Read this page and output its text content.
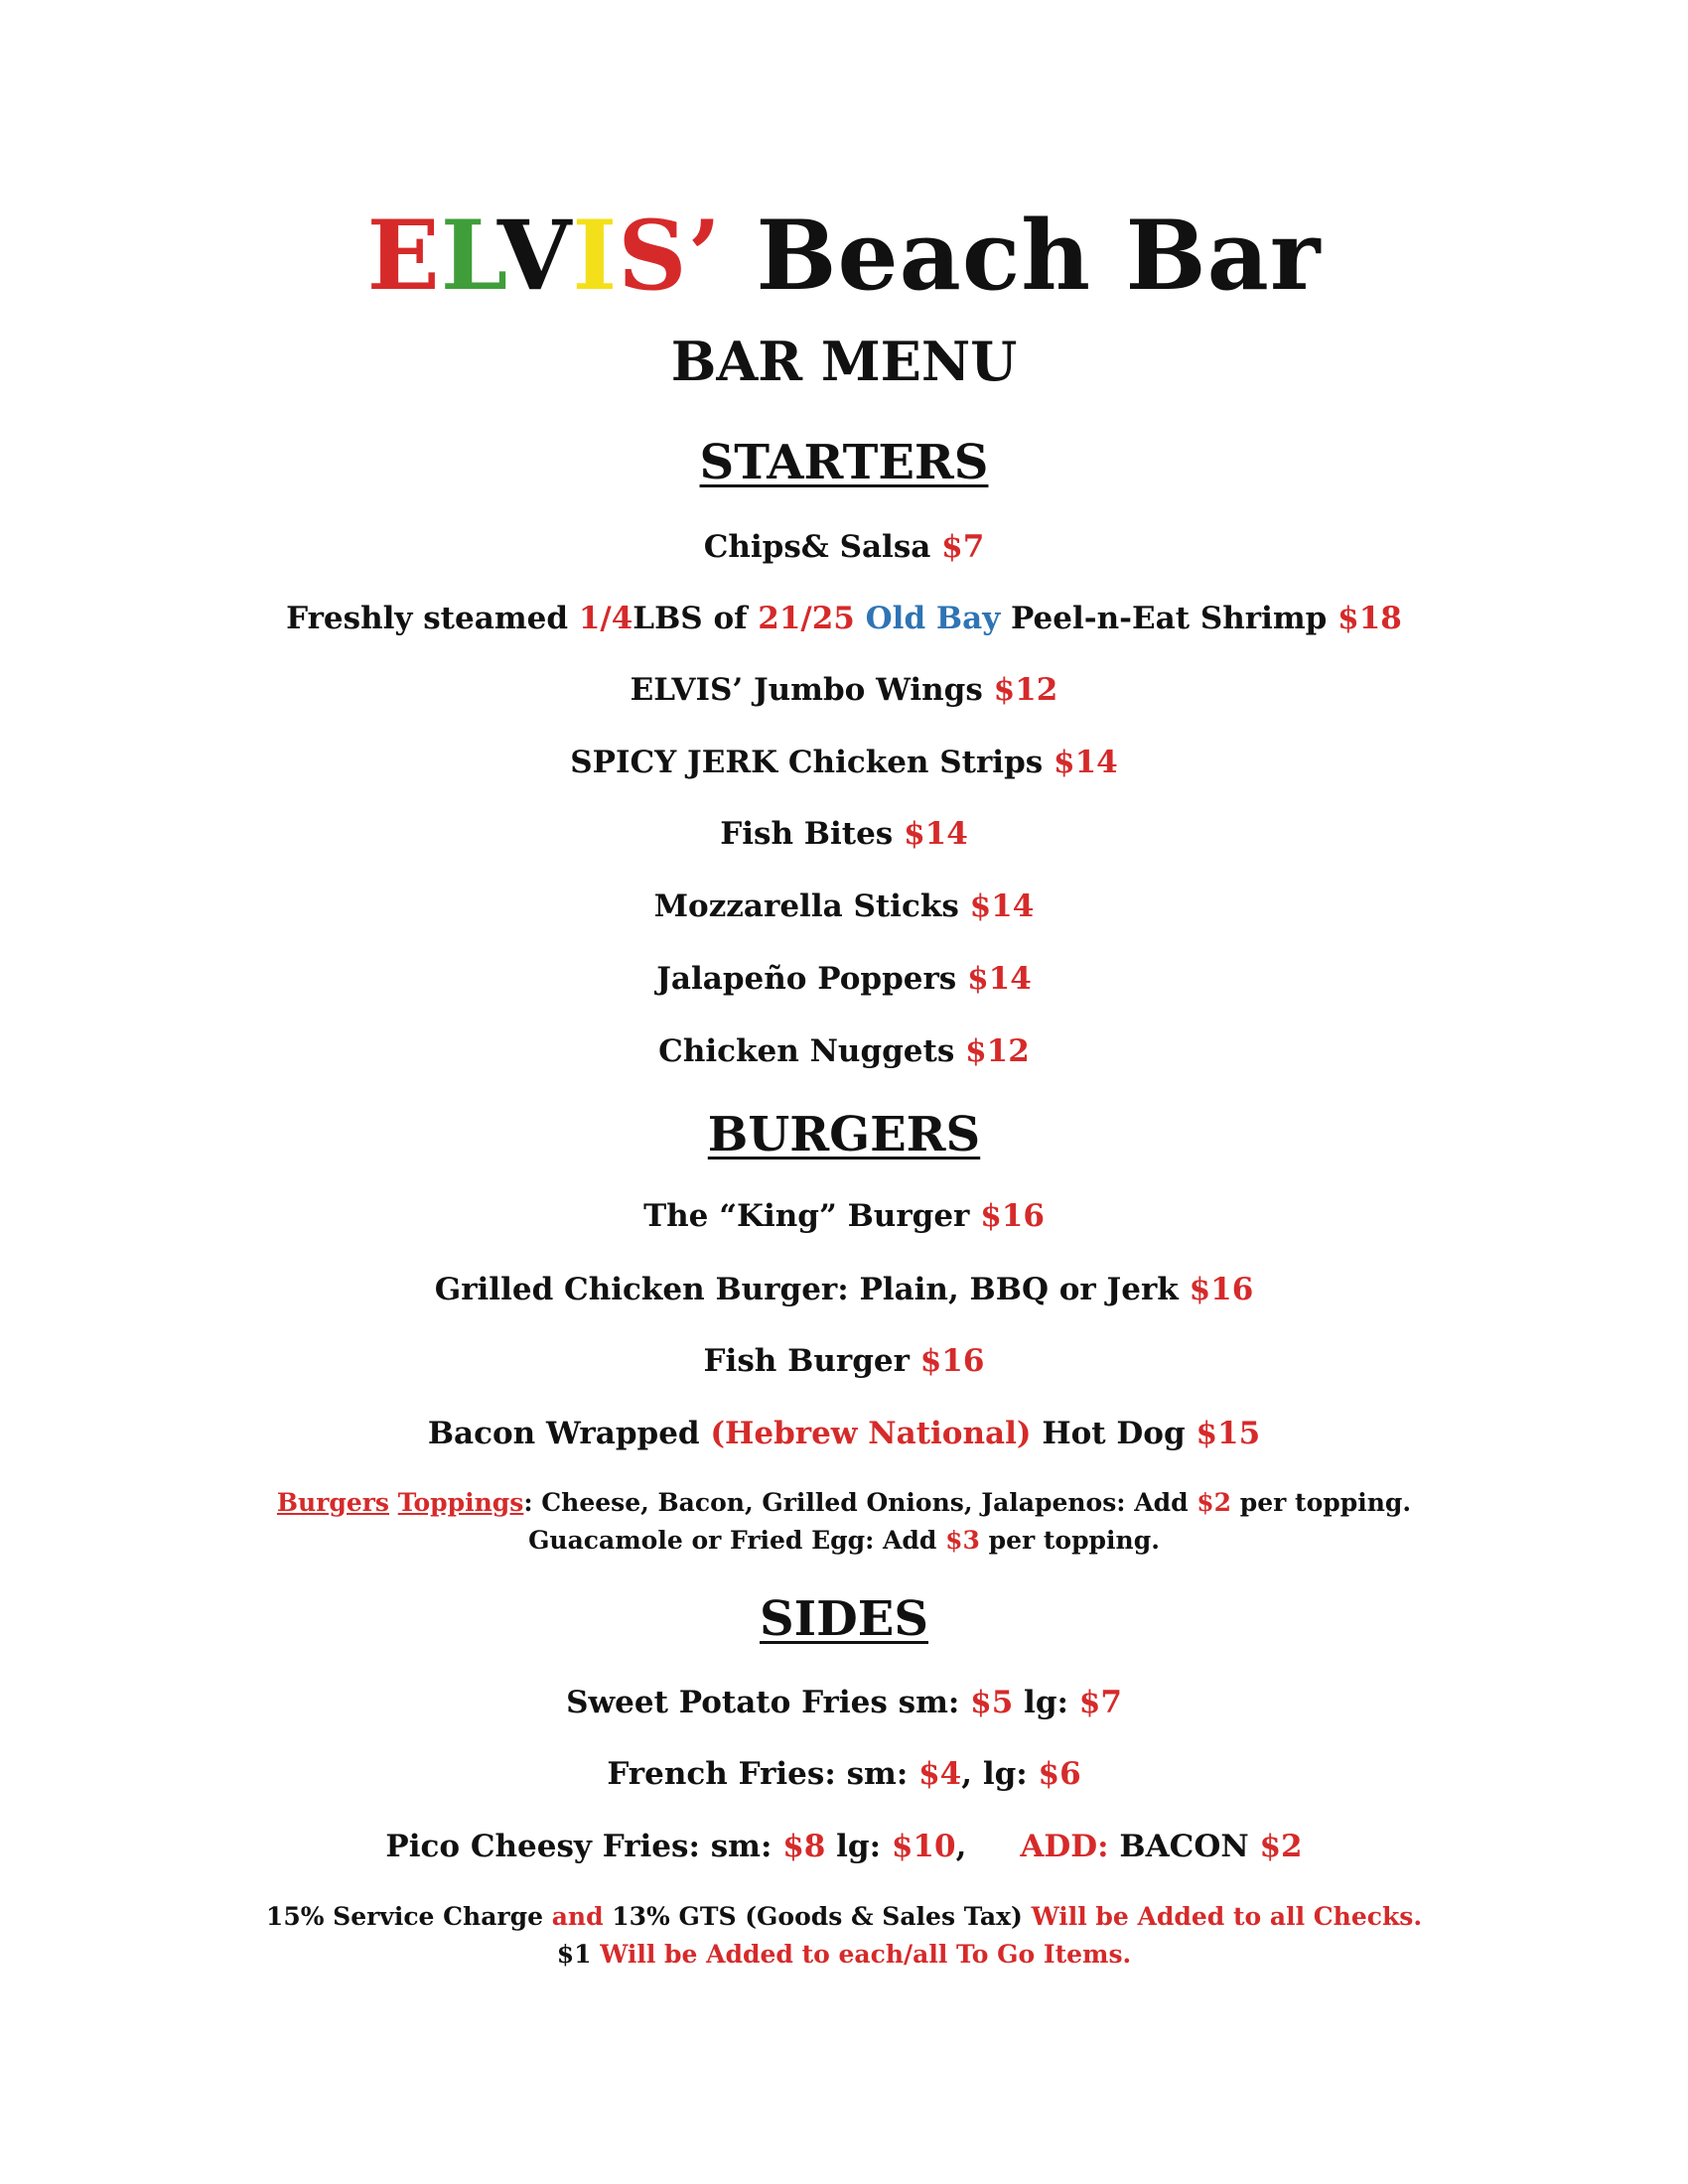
ELVIS’ Beach Bar
BAR MENU
STARTERS
Chips& Salsa $7
Freshly steamed 1/4LBS of 21/25 Old Bay Peel-n-Eat Shrimp $18
ELVIS’ Jumbo Wings $12
SPICY JERK Chicken Strips $14
Fish Bites $14
Mozzarella Sticks $14
Jalapeño Poppers $14
Chicken Nuggets $12
BURGERS
The “King” Burger $16
Grilled Chicken Burger: Plain, BBQ or Jerk $16
Fish Burger $16
Bacon Wrapped (Hebrew National) Hot Dog $15
Burgers Toppings: Cheese, Bacon, Grilled Onions, Jalapenos: Add $2 per topping.
Guacamole or Fried Egg: Add $3 per topping.
SIDES
Sweet Potato Fries sm: $5 lg: $7
French Fries: sm: $4, lg: $6
Pico Cheesy Fries: sm: $8 lg: $10,     ADD: BACON $2
15% Service Charge and 13% GTS (Goods & Sales Tax) Will be Added to all Checks.
$1 Will be Added to each/all To Go Items.
